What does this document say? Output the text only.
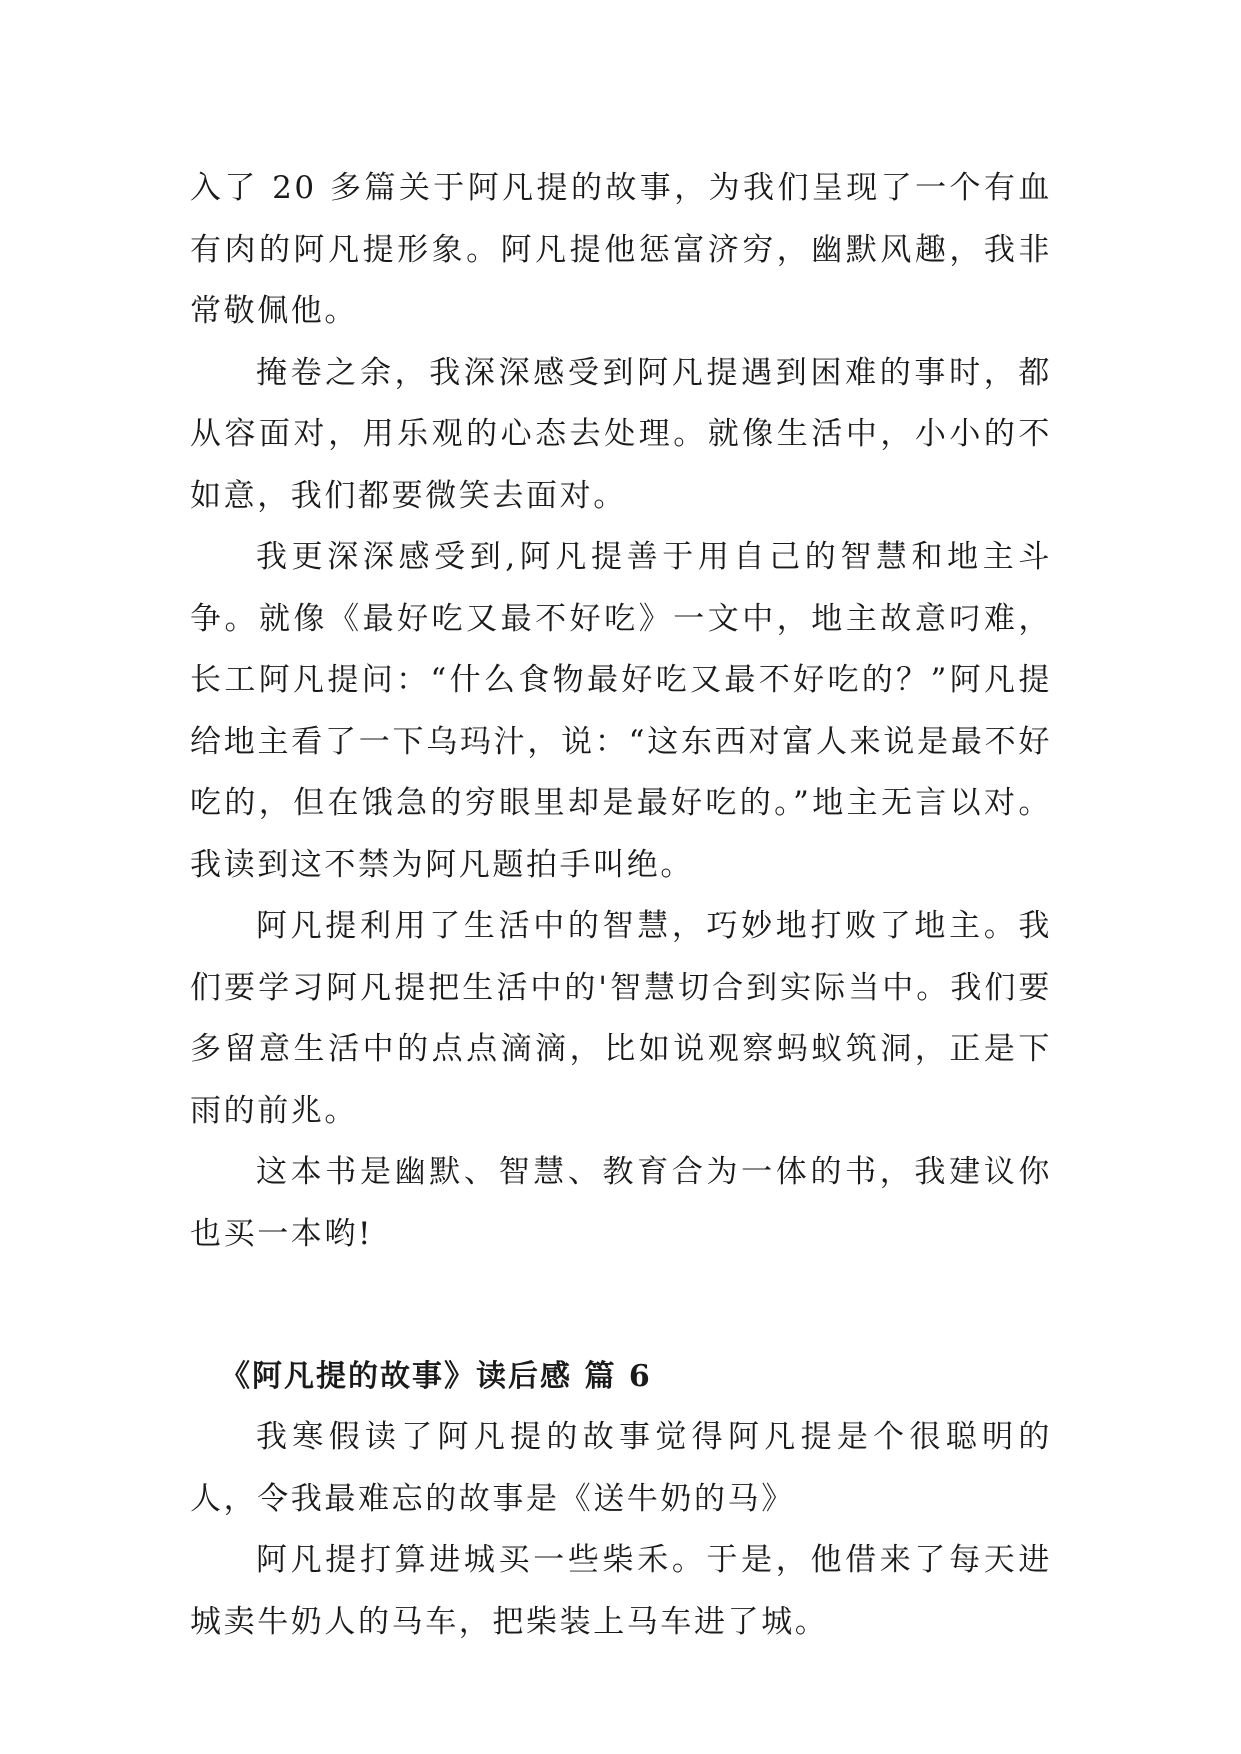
入了 20 多篇关于阿凡提的故事，为我们呈现了一个有血有肉的阿凡提形象。阿凡提他惩富济穷，幽默风趣，我非常敬佩他。

掩卷之余，我深深感受到阿凡提遇到困难的事时，都从容面对，用乐观的心态去处理。就像生活中，小小的不如意，我们都要微笑去面对。

我更深深感受到,阿凡提善于用自己的智慧和地主斗争。就像《最好吃又最不好吃》一文中，地主故意叼难，长工阿凡提问：“什么食物最好吃又最不好吃的？”阿凡提给地主看了一下乌玛汁，说：“这东西对富人来说是最不好吃的，但在饿急的穷眼里却是最好吃的。”地主无言以对。我读到这不禁为阿凡题拍手叫绝。

阿凡提利用了生活中的智慧，巧妙地打败了地主。我们要学习阿凡提把生活中的'智慧切合到实际当中。我们要多留意生活中的点点滴滴，比如说观察蚂蚁筑洞，正是下雨的前兆。

这本书是幽默、智慧、教育合为一体的书，我建议你也买一本哟!

《阿凡提的故事》读后感 篇 6

我寒假读了阿凡提的故事觉得阿凡提是个很聪明的人，令我最难忘的故事是《送牛奶的马》

阿凡提打算进城买一些柴禾。于是，他借来了每天进城卖牛奶人的马车，把柴装上马车进了城。
